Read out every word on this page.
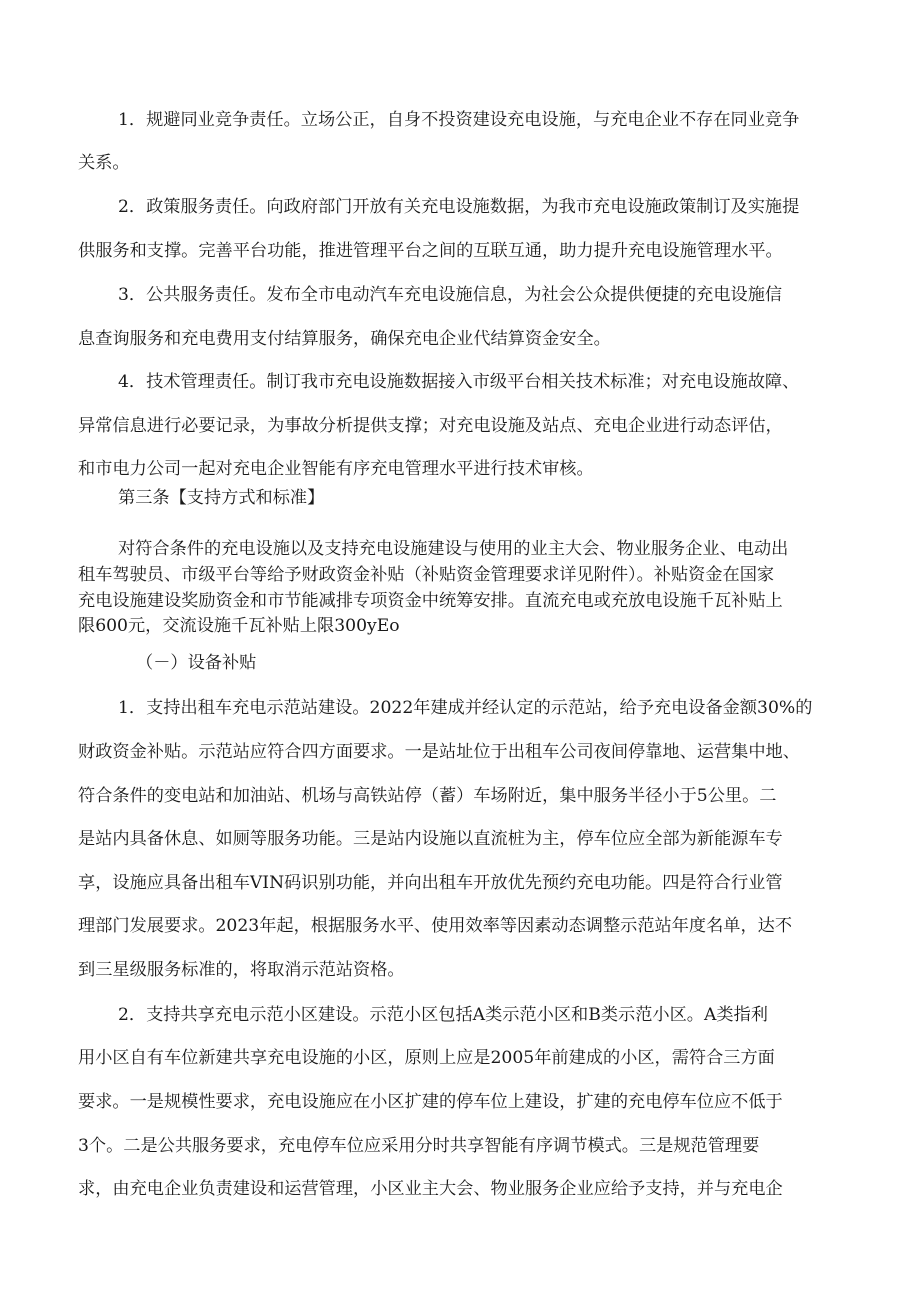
1．规避同业竞争责任。立场公正，自身不投资建设充电设施，与充电企业不存在同业竞争
关系。
2．政策服务责任。向政府部门开放有关充电设施数据，为我市充电设施政策制订及实施提
供服务和支撑。完善平台功能，推进管理平台之间的互联互通，助力提升充电设施管理水平。
3．公共服务责任。发布全市电动汽车充电设施信息，为社会公众提供便捷的充电设施信
息查询服务和充电费用支付结算服务，确保充电企业代结算资金安全。
4．技术管理责任。制订我市充电设施数据接入市级平台相关技术标准；对充电设施故障、
异常信息进行必要记录，为事故分析提供支撑；对充电设施及站点、充电企业进行动态评估，
和市电力公司一起对充电企业智能有序充电管理水平进行技术审核。
第三条【支持方式和标准】
对符合条件的充电设施以及支持充电设施建设与使用的业主大会、物业服务企业、电动出
租车驾驶员、市级平台等给予财政资金补贴（补贴资金管理要求详见附件）。补贴资金在国家
充电设施建设奖励资金和市节能减排专项资金中统筹安排。直流充电或充放电设施千瓦补贴上
限600元，交流设施千瓦补贴上限300yEo
（－）设备补贴
1．支持出租车充电示范站建设。2022年建成并经认定的示范站，给予充电设备金额30%的
财政资金补贴。示范站应符合四方面要求。一是站址位于出租车公司夜间停靠地、运营集中地、
符合条件的变电站和加油站、机场与高铁站停（蓄）车场附近，集中服务半径小于5公里。二
是站内具备休息、如厕等服务功能。三是站内设施以直流桩为主，停车位应全部为新能源车专
享，设施应具备出租车VIN码识别功能，并向出租车开放优先预约充电功能。四是符合行业管
理部门发展要求。2023年起，根据服务水平、使用效率等因素动态调整示范站年度名单，达不
到三星级服务标准的，将取消示范站资格。
2．支持共享充电示范小区建设。示范小区包括A类示范小区和B类示范小区。A类指利
用小区自有车位新建共享充电设施的小区，原则上应是2005年前建成的小区，需符合三方面
要求。一是规模性要求，充电设施应在小区扩建的停车位上建设，扩建的充电停车位应不低于
3个。二是公共服务要求，充电停车位应采用分时共享智能有序调节模式。三是规范管理要
求，由充电企业负责建设和运营管理，小区业主大会、物业服务企业应给予支持，并与充电企
